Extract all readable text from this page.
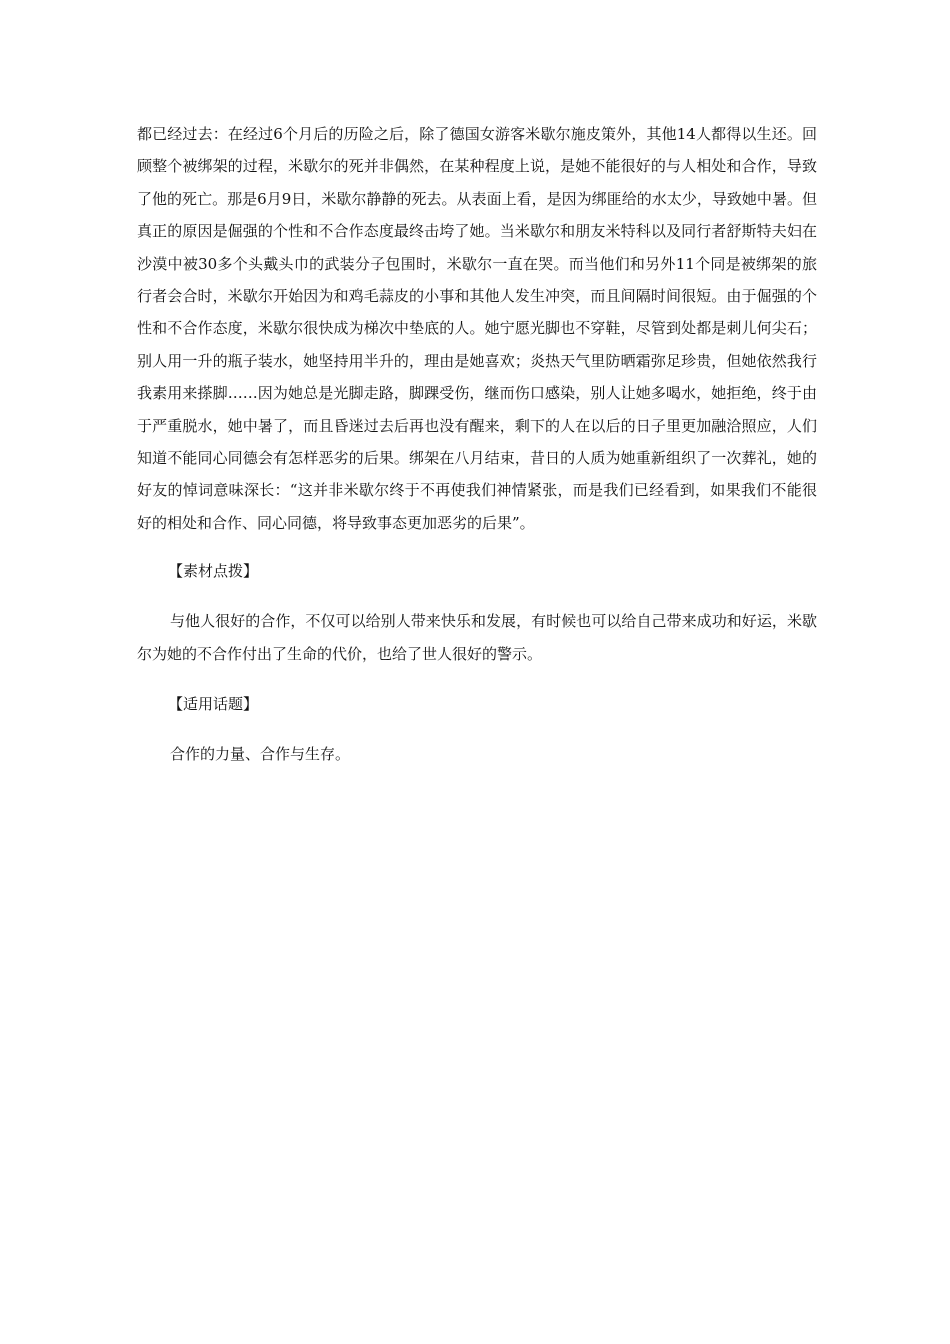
都已经过去：在经过6个月后的历险之后，除了德国女游客米歇尔施皮策外，其他14人都得以生还。回顾整个被绑架的过程，米歇尔的死并非偶然，在某种程度上说，是她不能很好的与人相处和合作，导致了他的死亡。那是6月9日，米歇尔静静的死去。从表面上看，是因为绑匪给的水太少，导致她中暑。但真正的原因是倔强的个性和不合作态度最终击垮了她。当米歇尔和朋友米特科以及同行者舒斯特夫妇在沙漠中被30多个头戴头巾的武装分子包围时，米歇尔一直在哭。而当他们和另外11个同是被绑架的旅行者会合时，米歇尔开始因为和鸡毛蒜皮的小事和其他人发生冲突，而且间隔时间很短。由于倔强的个性和不合作态度，米歇尔很快成为梯次中垫底的人。她宁愿光脚也不穿鞋，尽管到处都是刺儿何尖石；别人用一升的瓶子装水，她坚持用半升的，理由是她喜欢；炎热天气里防晒霜弥足珍贵，但她依然我行我素用来搽脚……因为她总是光脚走路，脚踝受伤，继而伤口感染，别人让她多喝水，她拒绝，终于由于严重脱水，她中暑了，而且昏迷过去后再也没有醒来，剩下的人在以后的日子里更加融洽照应，人们知道不能同心同德会有怎样恶劣的后果。绑架在八月结束，昔日的人质为她重新组织了一次葬礼，她的好友的悼词意味深长：“这并非米歇尔终于不再使我们神情紧张，而是我们已经看到，如果我们不能很好的相处和合作、同心同德，将导致事态更加恶劣的后果”。

【素材点拨】

与他人很好的合作，不仅可以给别人带来快乐和发展，有时候也可以给自己带来成功和好运，米歇尔为她的不合作付出了生命的代价，也给了世人很好的警示。

【适用话题】

合作的力量、合作与生存。
